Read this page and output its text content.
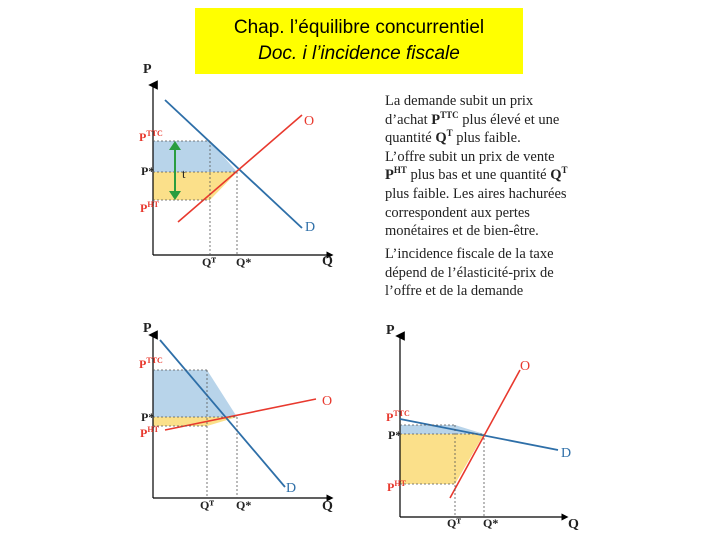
Chap. l’équilibre concurrentiel
Doc. i l’incidence fiscale
t
P
Q
O
D
$P^{TTC}$
P*
$P^{HT}$
Qᵀ Q*
P
Q
O
D
$P^{TTC}$
P*
$P^{HT}$
Qᵀ Q*
P
Q
O
D
$P^{TTC}$
P*
$P^{HT}$
Qᵀ Q*
La demande subit un prix
d’achat $P^{TTC}$ plus élevé et une
quantité $Q^T$ plus faible.
L’offre subit un prix de vente
$P^{HT}$ plus bas et une quantité $Q^T$
plus faible. Les aires hachurées
correspondent aux pertes
monétaires et de bien-être.
L’incidence fiscale de la taxe
dépend de l’élasticité-prix de
l’offre et de la demande
